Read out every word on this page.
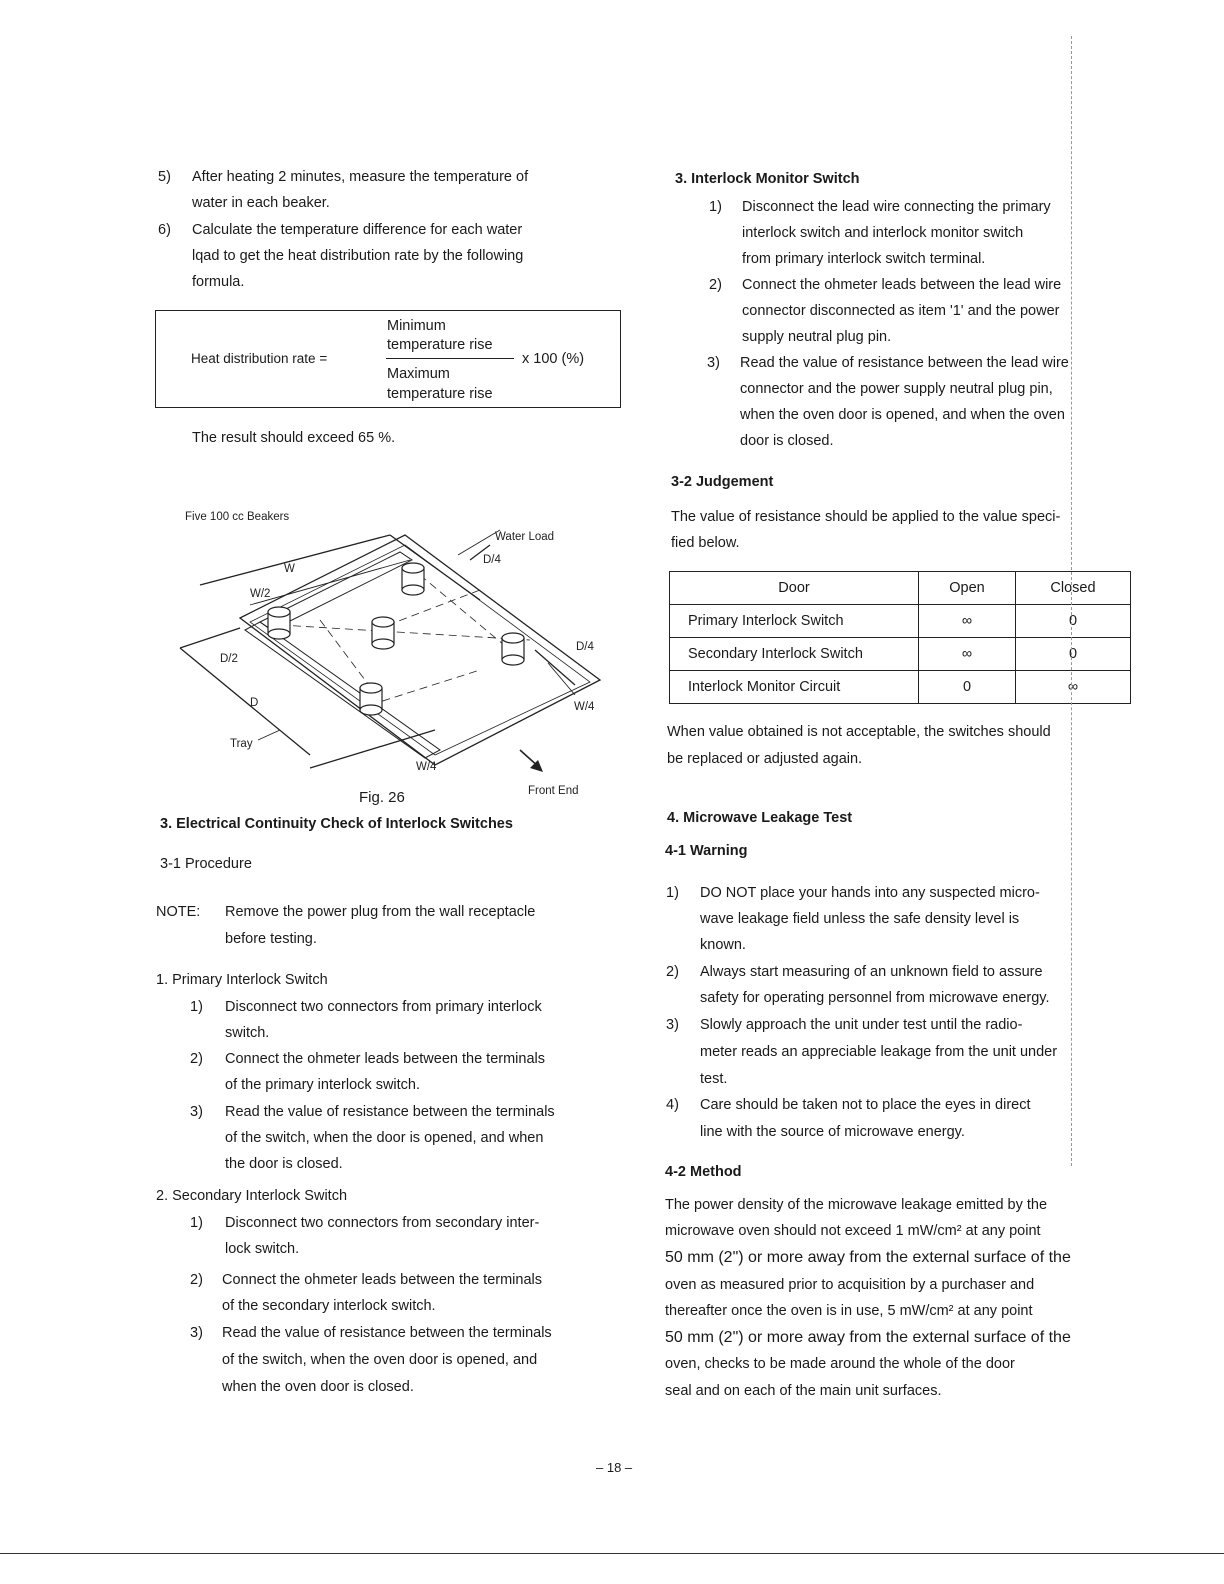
5) After heating 2 minutes, measure the temperature of
water in each beaker.
6) Calculate the temperature difference for each water
lqad to get the heat distribution rate by the following
formula.
Heat distribution rate =
Minimum
temperature rise
Maximum
temperature rise
x 100 (%)
The result should exceed 65 %.
Five 100 cc Beakers
Water Load
W
W/2
D/4
D/4
D/2
D	W/4
Tray
W/4
Front End
Fig. 26
3. Electrical Continuity Check of Interlock Switches
3-1 Procedure
NOTE: Remove the power plug from the wall receptacle
before testing.
1. Primary Interlock Switch
1) Disconnect two connectors from primary interlock
switch.
2) Connect the ohmeter leads between the terminals
of the primary interlock switch.
3) Read the value of resistance between the terminals
of the switch, when the door is opened, and when
the door is closed.
2. Secondary Interlock Switch
1) Disconnect two connectors from secondary inter-
lock switch.
2) Connect the ohmeter leads between the terminals
of the secondary interlock switch.
3) Read the value of resistance between the terminals
of the switch, when the oven door is opened, and
when the oven door is closed.
3. Interlock Monitor Switch
1) Disconnect the lead wire connecting the primary
interlock switch and interlock monitor switch
from primary interlock switch terminal.
2) Connect the ohmeter leads between the lead wire
connector disconnected as item '1' and the power
supply neutral plug pin.
3) Read the value of resistance between the lead wire
connector and the power supply neutral plug pin,
when the oven door is opened, and when the oven
door is closed.
3-2 Judgement
The value of resistance should be applied to the value speci-
fied below.
Door	Open	Closed
Primary Interlock Switch	∞	0
Secondary Interlock Switch	∞	0
Interlock Monitor Circuit	0	∞
When value obtained is not acceptable, the switches should
be replaced or adjusted again.
4. Microwave Leakage Test
4-1 Warning
1) DO NOT place your hands into any suspected micro-
wave leakage field unless the safe density level is
known.
2) Always start measuring of an unknown field to assure
safety for operating personnel from microwave energy.
3) Slowly approach the unit under test until the radio-
meter reads an appreciable leakage from the unit under
test.
4) Care should be taken not to place the eyes in direct
line with the source of microwave energy.
4-2 Method
The power density of the microwave leakage emitted by the
microwave oven should not exceed 1 mW/cm² at any point
50 mm (2") or more away from the external surface of the
oven as measured prior to acquisition by a purchaser and
thereafter once the oven is in use, 5 mW/cm² at any point
50 mm (2") or more away from the external surface of the
oven, checks to be made around the whole of the door
seal and on each of the main unit surfaces.
– 18 –
